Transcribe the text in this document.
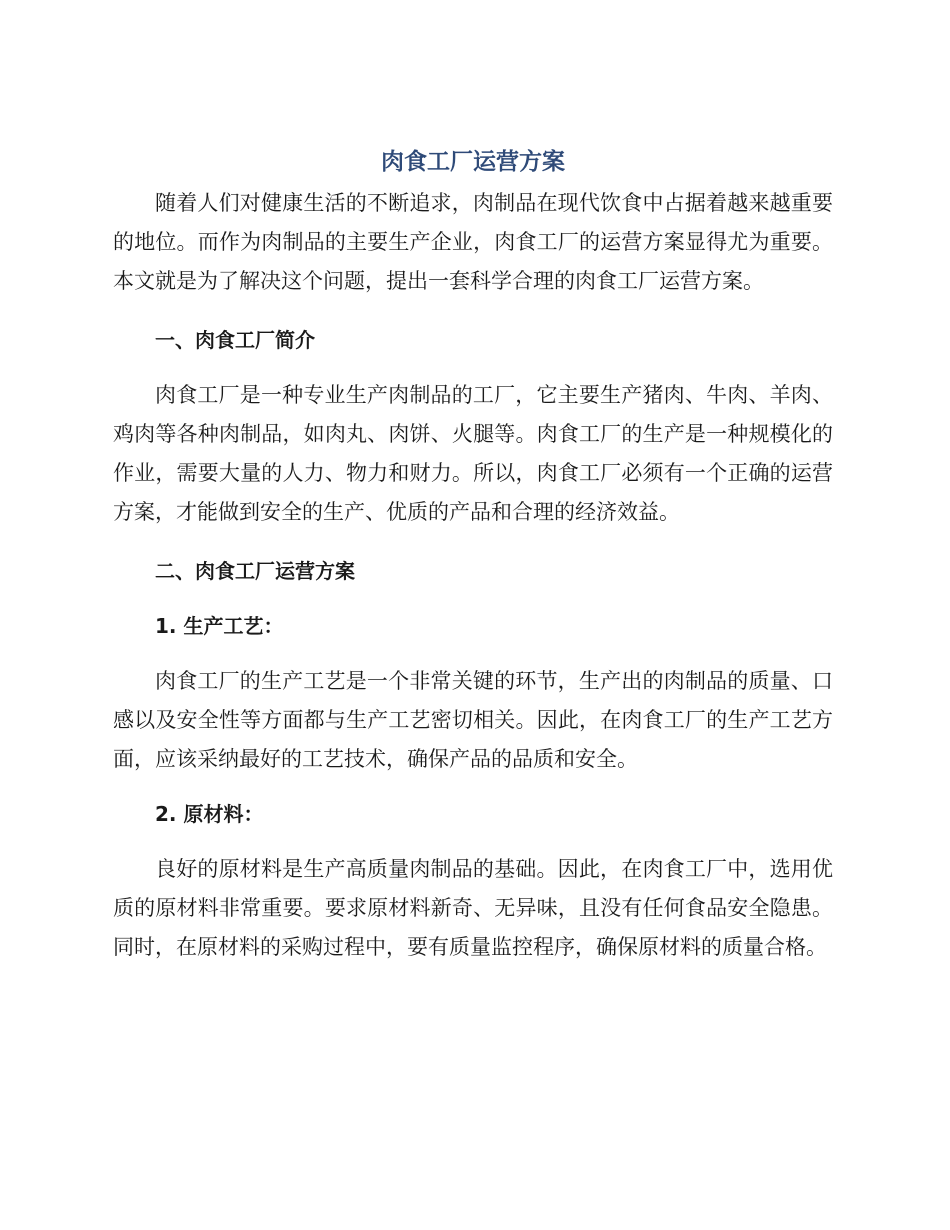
肉食工厂运营方案

随着人们对健康生活的不断追求，肉制品在现代饮食中占据着越来越重要的地位。而作为肉制品的主要生产企业，肉食工厂的运营方案显得尤为重要。本文就是为了解决这个问题，提出一套科学合理的肉食工厂运营方案。

一、肉食工厂简介

肉食工厂是一种专业生产肉制品的工厂，它主要生产猪肉、牛肉、羊肉、鸡肉等各种肉制品，如肉丸、肉饼、火腿等。肉食工厂的生产是一种规模化的作业，需要大量的人力、物力和财力。所以，肉食工厂必须有一个正确的运营方案，才能做到安全的生产、优质的产品和合理的经济效益。

二、肉食工厂运营方案
1. 生产工艺：

肉食工厂的生产工艺是一个非常关键的环节，生产出的肉制品的质量、口感以及安全性等方面都与生产工艺密切相关。因此，在肉食工厂的生产工艺方面，应该采纳最好的工艺技术，确保产品的品质和安全。

2. 原材料：

良好的原材料是生产高质量肉制品的基础。因此，在肉食工厂中，选用优质的原材料非常重要。要求原材料新奇、无异味，且没有任何食品安全隐患。同时，在原材料的采购过程中，要有质量监控程序，确保原材料的质量合格。
